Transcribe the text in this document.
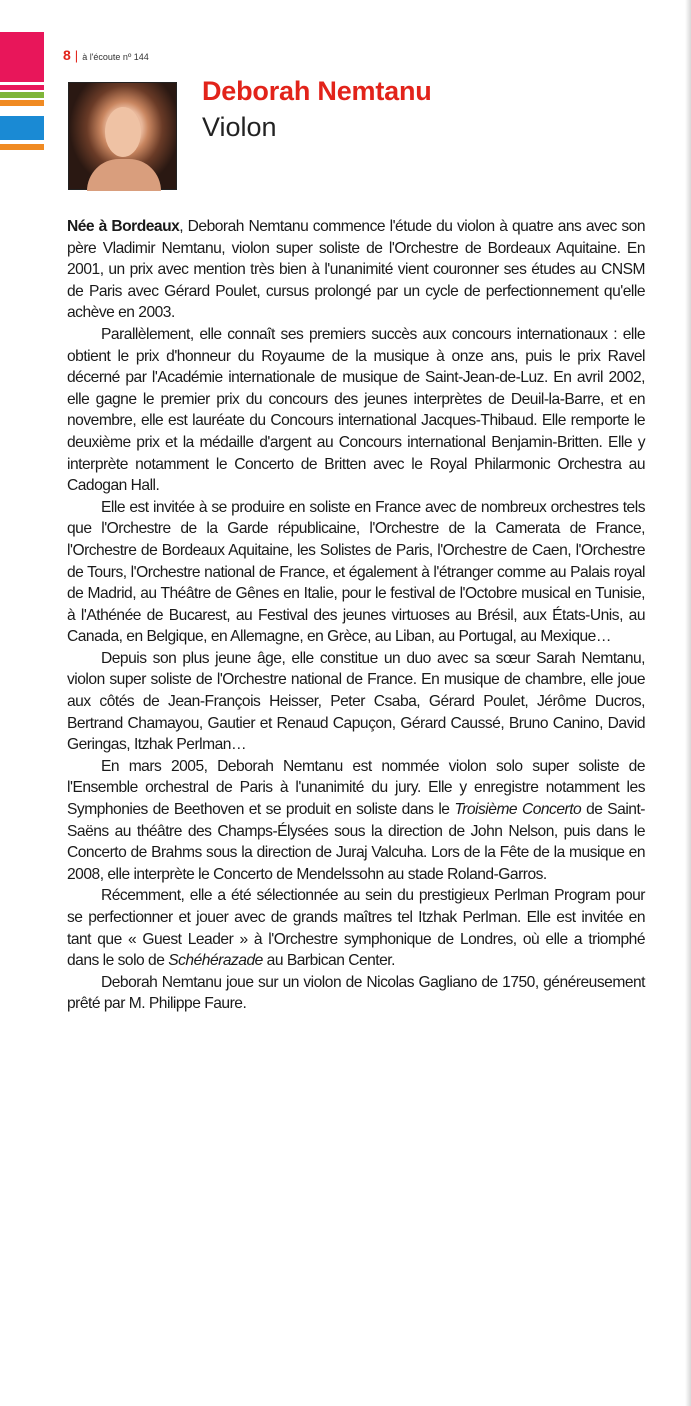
8 | à l'écoute nº 144
Deborah Nemtanu
Violon

Née à Bordeaux, Deborah Nemtanu commence l'étude du violon à quatre ans avec son père Vladimir Nemtanu, violon super soliste de l'Orchestre de Bordeaux Aquitaine. En 2001, un prix avec mention très bien à l'unanimité vient couronner ses études au CNSM de Paris avec Gérard Poulet, cursus prolongé par un cycle de perfectionnement qu'elle achève en 2003.

Parallèlement, elle connaît ses premiers succès aux concours internationaux : elle obtient le prix d'honneur du Royaume de la musique à onze ans, puis le prix Ravel décerné par l'Académie internationale de musique de Saint-Jean-de-Luz. En avril 2002, elle gagne le premier prix du concours des jeunes interprètes de Deuil-la-Barre, et en novembre, elle est lauréate du Concours international Jacques-Thibaud. Elle remporte le deuxième prix et la médaille d'argent au Concours international Benjamin-Britten. Elle y interprète notamment le Concerto de Britten avec le Royal Philarmonic Orchestra au Cadogan Hall.

Elle est invitée à se produire en soliste en France avec de nombreux orchestres tels que l'Orchestre de la Garde républicaine, l'Orchestre de la Camerata de France, l'Orchestre de Bordeaux Aquitaine, les Solistes de Paris, l'Orchestre de Caen, l'Orchestre de Tours, l'Orchestre national de France, et également à l'étranger comme au Palais royal de Madrid, au Théâtre de Gênes en Italie, pour le festival de l'Octobre musical en Tunisie, à l'Athénée de Bucarest, au Festival des jeunes virtuoses au Brésil, aux États-Unis, au Canada, en Belgique, en Allemagne, en Grèce, au Liban, au Portugal, au Mexique…

Depuis son plus jeune âge, elle constitue un duo avec sa sœur Sarah Nemtanu, violon super soliste de l'Orchestre national de France. En musique de chambre, elle joue aux côtés de Jean-François Heisser, Peter Csaba, Gérard Poulet, Jérôme Ducros, Bertrand Chamayou, Gautier et Renaud Capuçon, Gérard Caussé, Bruno Canino, David Geringas, Itzhak Perlman…

En mars 2005, Deborah Nemtanu est nommée violon solo super soliste de l'Ensemble orchestral de Paris à l'unanimité du jury. Elle y enregistre notamment les Symphonies de Beethoven et se produit en soliste dans le Troisième Concerto de Saint-Saëns au théâtre des Champs-Élysées sous la direction de John Nelson, puis dans le Concerto de Brahms sous la direction de Juraj Valcuha. Lors de la Fête de la musique en 2008, elle interprète le Concerto de Mendelssohn au stade Roland-Garros.

Récemment, elle a été sélectionnée au sein du prestigieux Perlman Program pour se perfectionner et jouer avec de grands maîtres tel Itzhak Perlman. Elle est invitée en tant que « Guest Leader » à l'Orchestre symphonique de Londres, où elle a triomphé dans le solo de Schéhérazade au Barbican Center.

Deborah Nemtanu joue sur un violon de Nicolas Gagliano de 1750, généreusement prêté par M. Philippe Faure.
